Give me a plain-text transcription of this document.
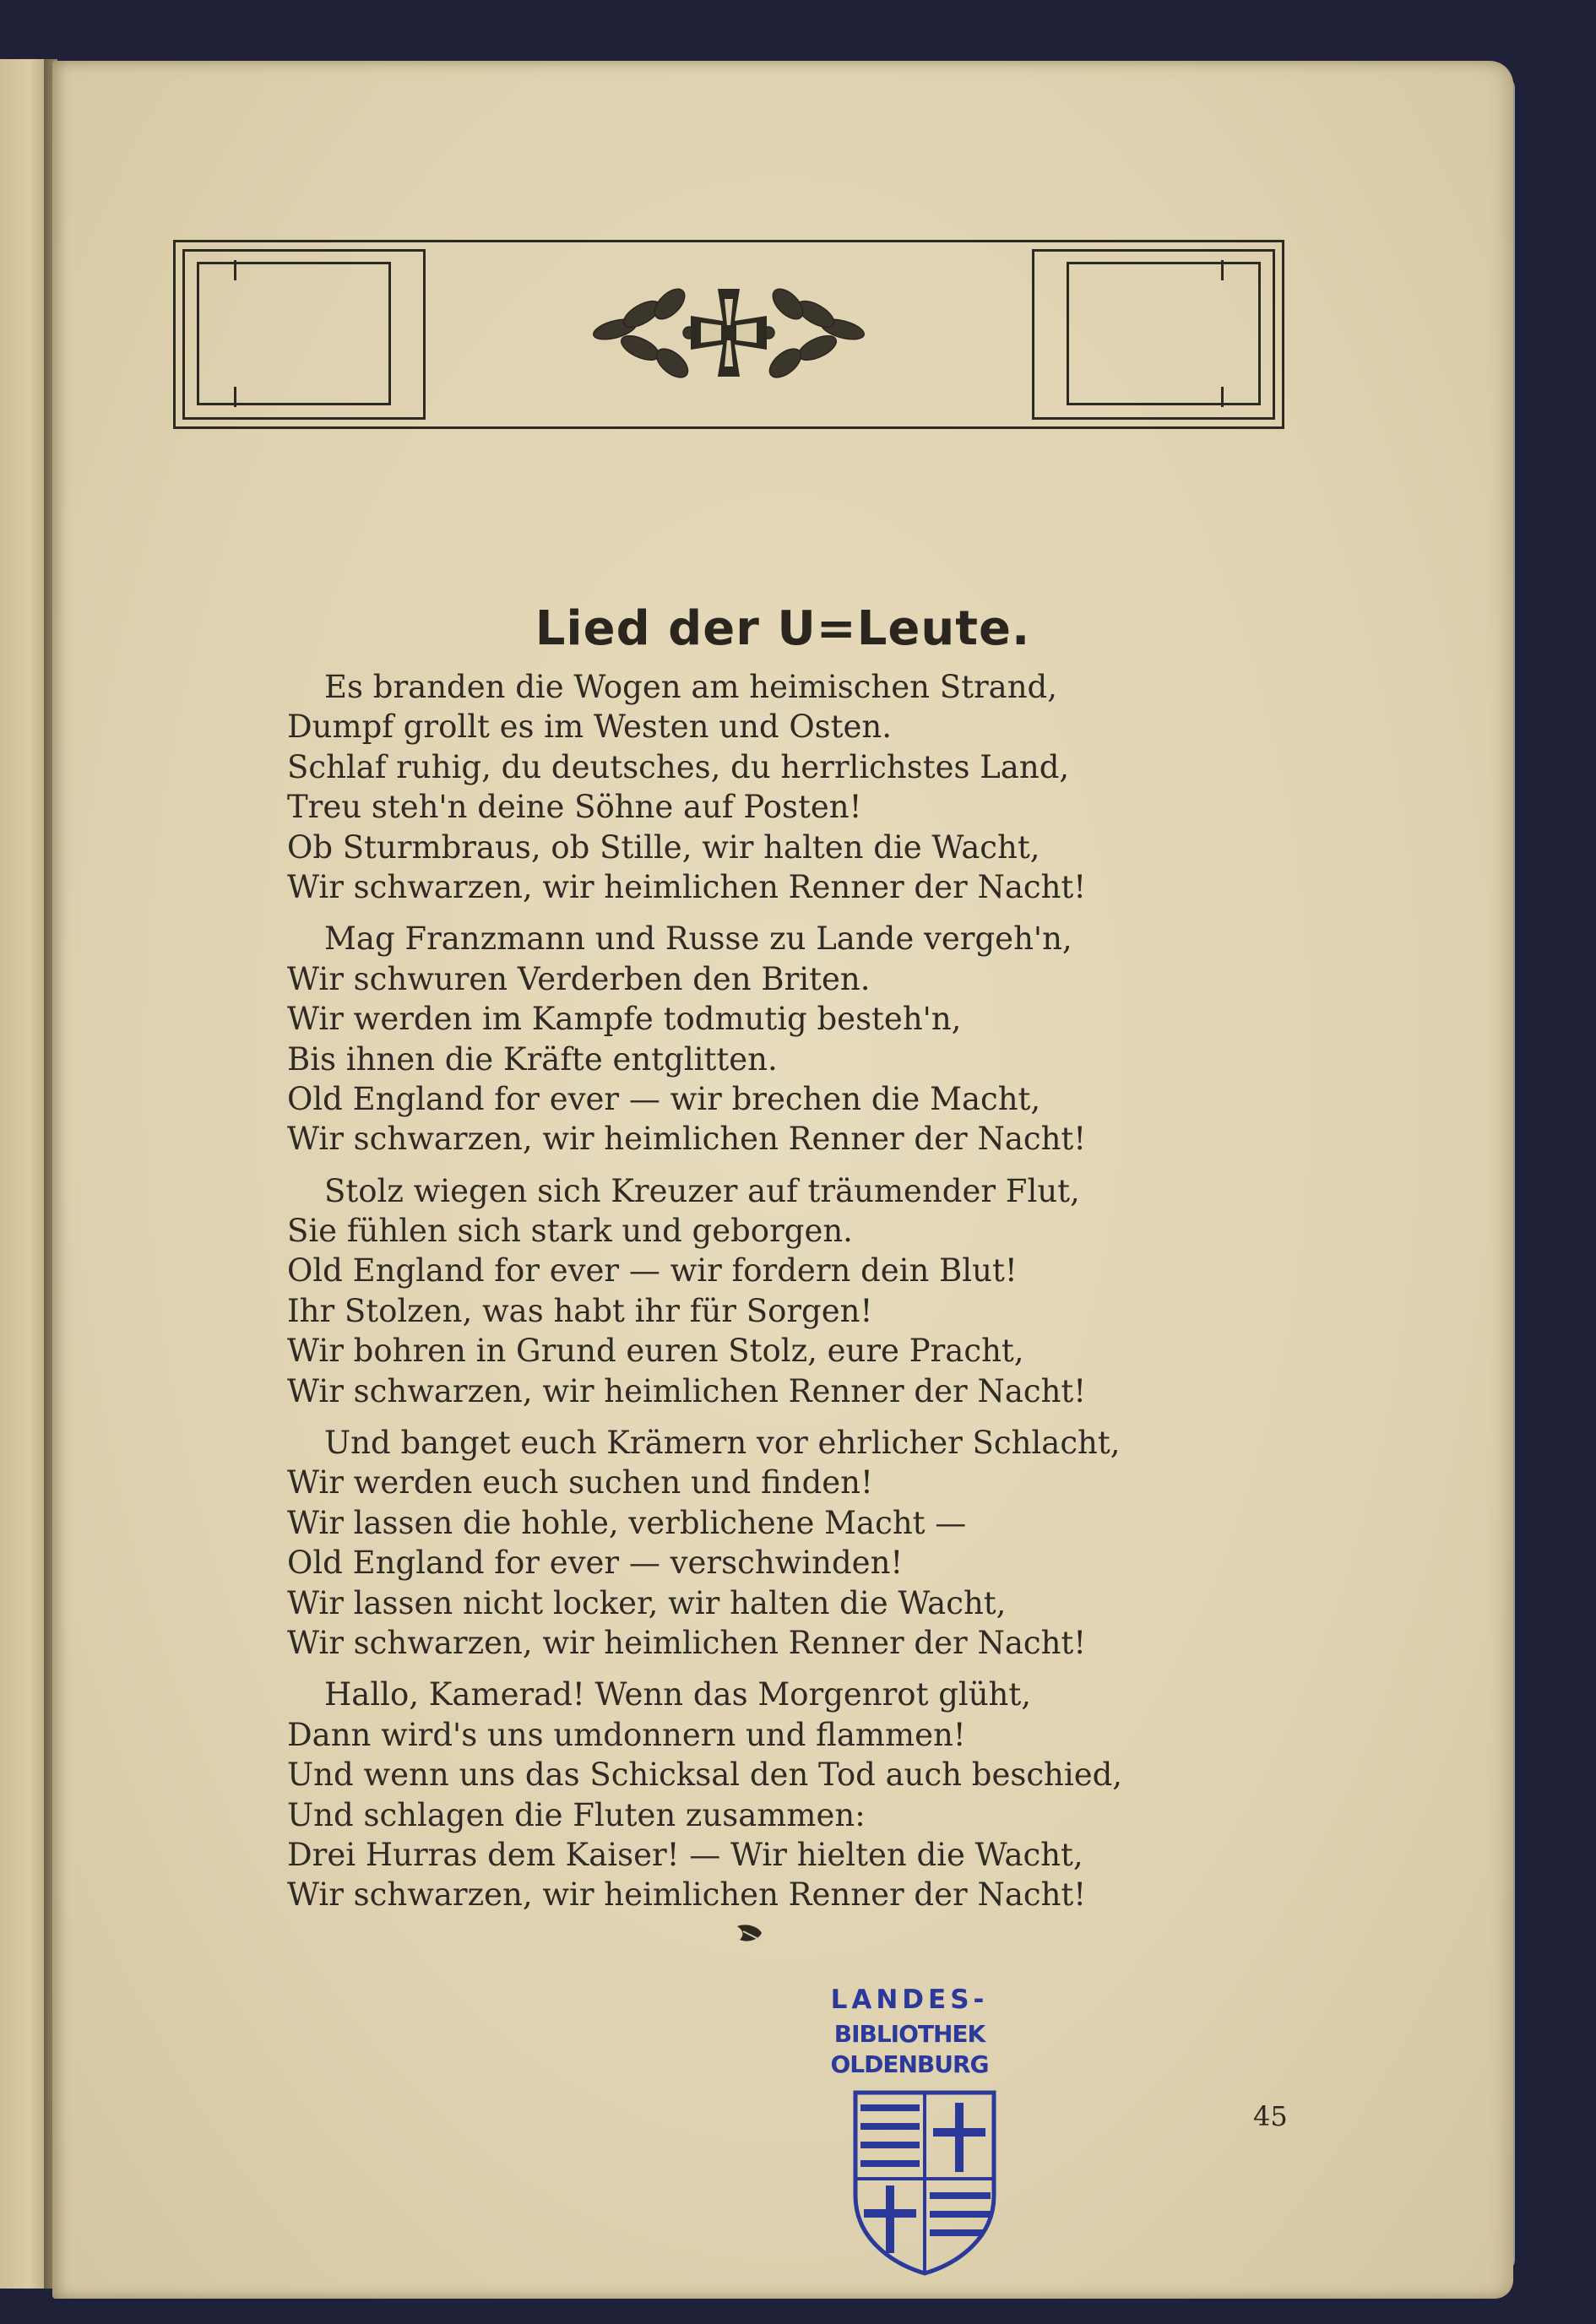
Lied der U=Leute.
Es branden die Wogen am heimischen Strand,
Dumpf grollt es im Westen und Osten.
Schlaf ruhig, du deutsches, du herrlichstes Land,
Treu steh'n deine Söhne auf Posten!
Ob Sturmbraus, ob Stille, wir halten die Wacht,
Wir schwarzen, wir heimlichen Renner der Nacht!
Mag Franzmann und Russe zu Lande vergeh'n,
Wir schwuren Verderben den Briten.
Wir werden im Kampfe todmutig besteh'n,
Bis ihnen die Kräfte entglitten.
Old England for ever — wir brechen die Macht,
Wir schwarzen, wir heimlichen Renner der Nacht!
Stolz wiegen sich Kreuzer auf träumender Flut,
Sie fühlen sich stark und geborgen.
Old England for ever — wir fordern dein Blut!
Ihr Stolzen, was habt ihr für Sorgen!
Wir bohren in Grund euren Stolz, eure Pracht,
Wir schwarzen, wir heimlichen Renner der Nacht!
Und banget euch Krämern vor ehrlicher Schlacht,
Wir werden euch suchen und finden!
Wir lassen die hohle, verblichene Macht —
Old England for ever — verschwinden!
Wir lassen nicht locker, wir halten die Wacht,
Wir schwarzen, wir heimlichen Renner der Nacht!
Hallo, Kamerad! Wenn das Morgenrot glüht,
Dann wird's uns umdonnern und flammen!
Und wenn uns das Schicksal den Tod auch beschied,
Und schlagen die Fluten zusammen:
Drei Hurras dem Kaiser! — Wir hielten die Wacht,
Wir schwarzen, wir heimlichen Renner der Nacht!
LANDES-
BIBLIOTHEK
OLDENBURG
45
